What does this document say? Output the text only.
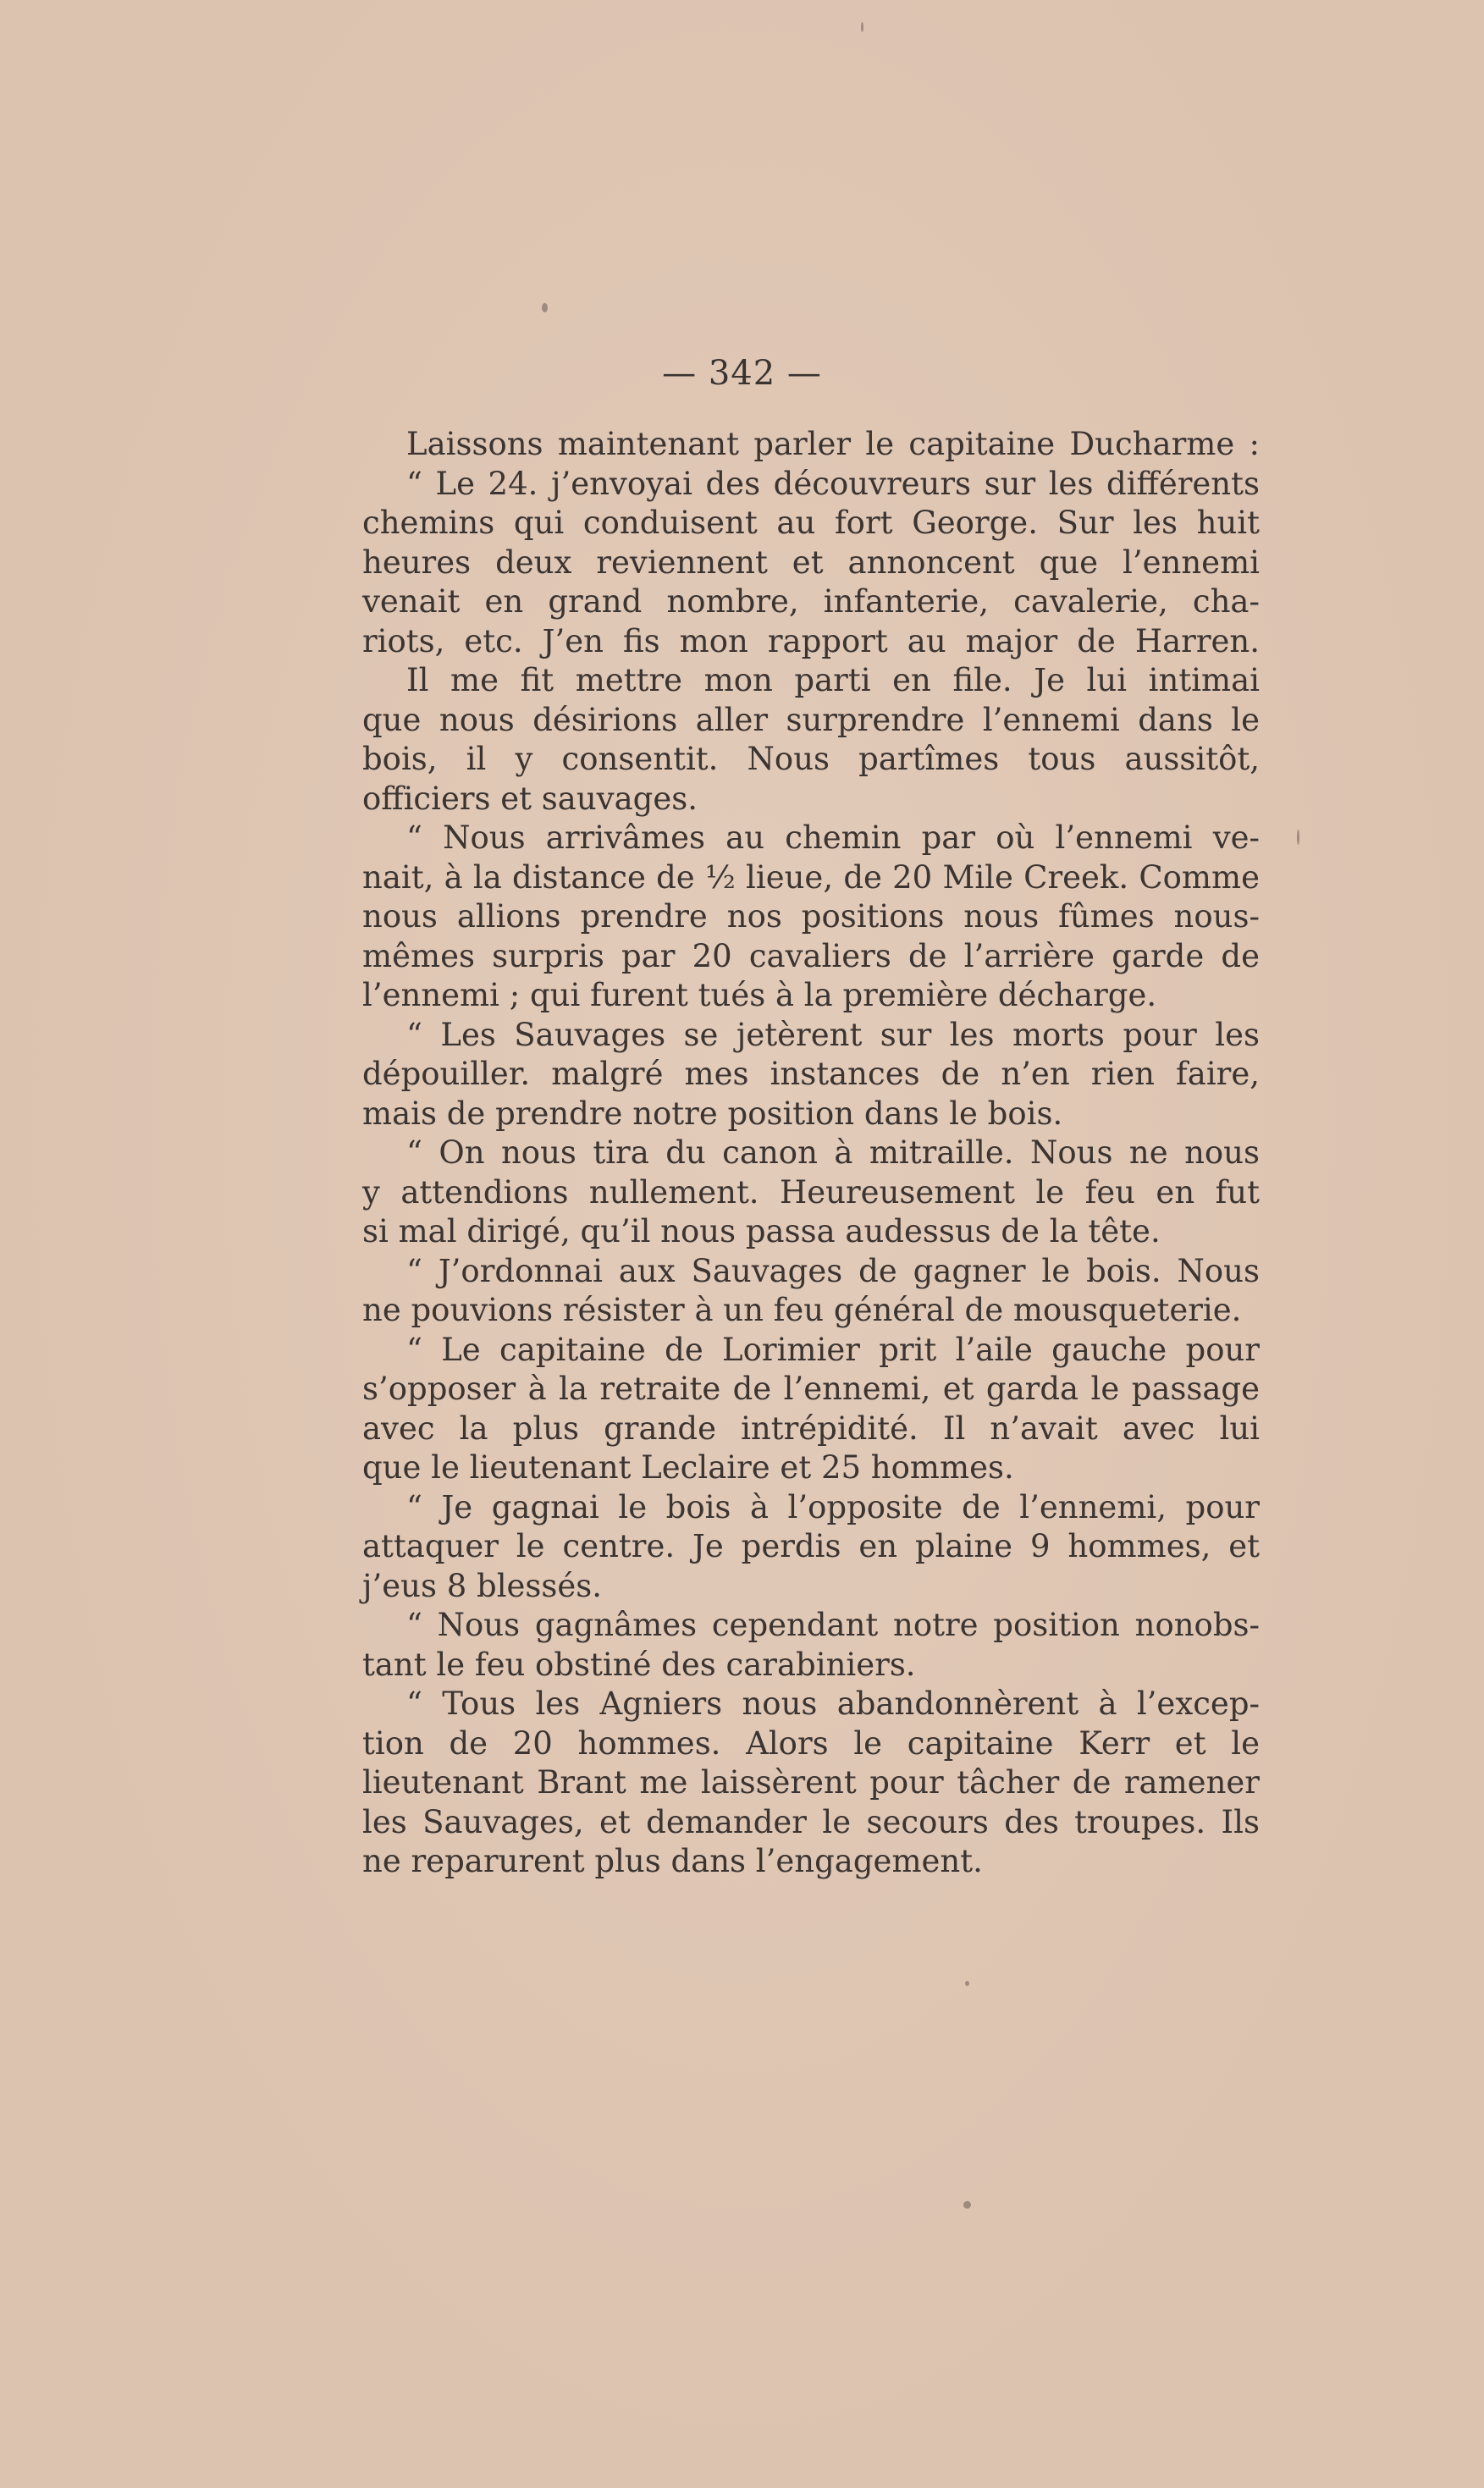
— 342 —
Laissons maintenant parler le capitaine Ducharme :
“ Le 24. j’envoyai des découvreurs sur les différents
chemins qui conduisent au fort George. Sur les huit
heures deux reviennent et annoncent que l’ennemi
venait en grand nombre, infanterie, cavalerie, cha-
riots, etc. J’en fis mon rapport au major de Harren.
Il me fit mettre mon parti en file. Je lui intimai
que nous désirions aller surprendre l’ennemi dans le
bois, il y consentit. Nous partîmes tous aussitôt,
officiers et sauvages.
“ Nous arrivâmes au chemin par où l’ennemi ve-
nait, à la distance de ½ lieue, de 20 Mile Creek. Comme
nous allions prendre nos positions nous fûmes nous-
mêmes surpris par 20 cavaliers de l’arrière garde de
l’ennemi ; qui furent tués à la première décharge.
“ Les Sauvages se jetèrent sur les morts pour les
dépouiller. malgré mes instances de n’en rien faire,
mais de prendre notre position dans le bois.
“ On nous tira du canon à mitraille. Nous ne nous
y attendions nullement. Heureusement le feu en fut
si mal dirigé, qu’il nous passa audessus de la tête.
“ J’ordonnai aux Sauvages de gagner le bois. Nous
ne pouvions résister à un feu général de mousqueterie.
“ Le capitaine de Lorimier prit l’aile gauche pour
s’opposer à la retraite de l’ennemi, et garda le passage
avec la plus grande intrépidité. Il n’avait avec lui
que le lieutenant Leclaire et 25 hommes.
“ Je gagnai le bois à l’opposite de l’ennemi, pour
attaquer le centre. Je perdis en plaine 9 hommes, et
j’eus 8 blessés.
“ Nous gagnâmes cependant notre position nonobs-
tant le feu obstiné des carabiniers.
“ Tous les Agniers nous abandonnèrent à l’excep-
tion de 20 hommes. Alors le capitaine Kerr et le
lieutenant Brant me laissèrent pour tâcher de ramener
les Sauvages, et demander le secours des troupes. Ils
ne reparurent plus dans l’engagement.
